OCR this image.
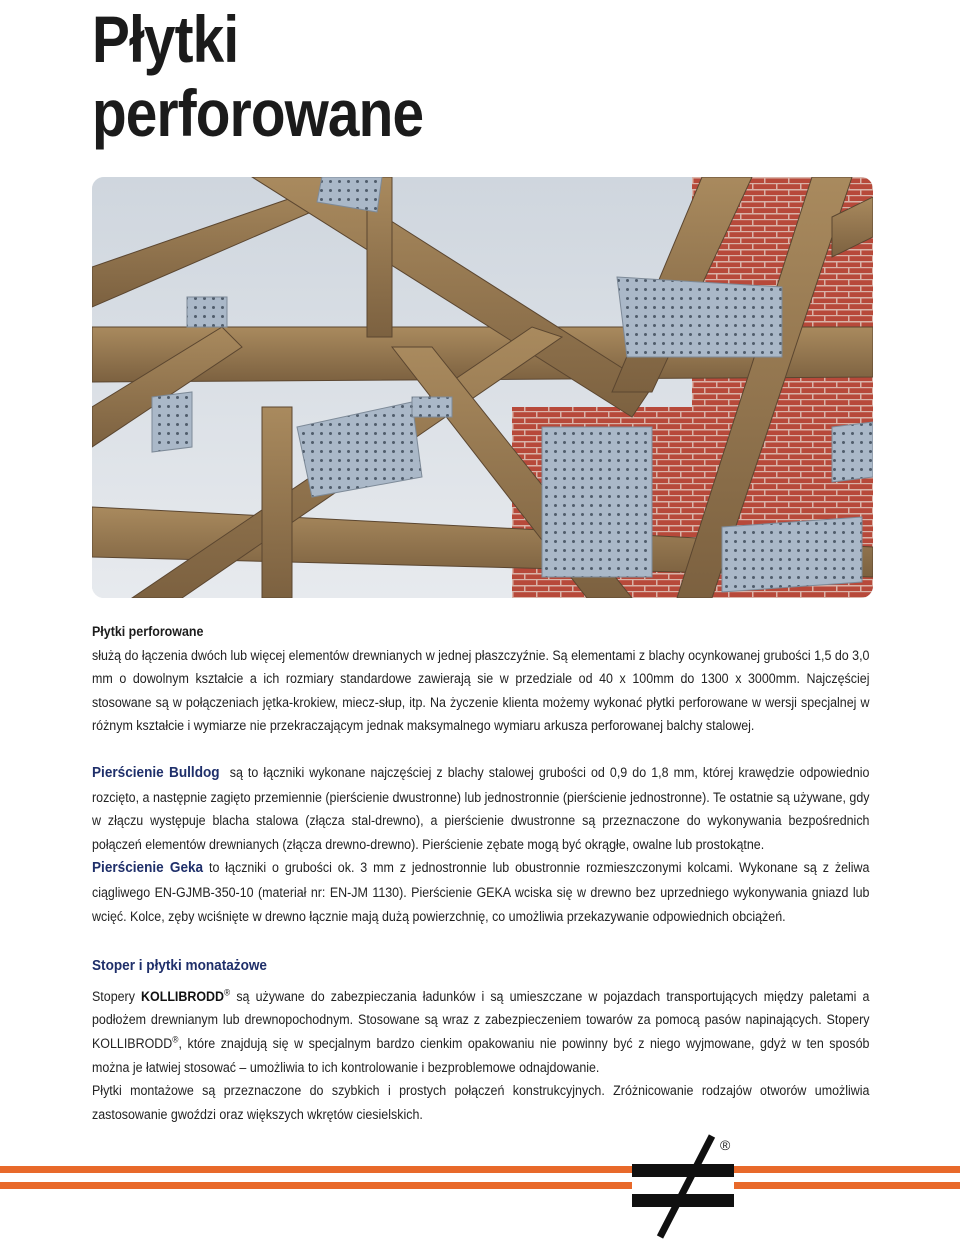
Płytki
perforowane

Płytki perforowane

służą do łączenia dwóch lub więcej elementów drewnianych w jednej płaszczyźnie. Są elementami z blachy ocynkowanej grubości 1,5 do 3,0 mm o dowolnym kształcie a ich rozmiary standardowe zawierają sie w przedziale od 40 x 100mm do 1300 x 3000mm. Najczęściej stosowane są w połączeniach jętka-krokiew, miecz-słup, itp. Na życzenie klienta możemy wykonać płytki perforowane w wersji specjalnej w różnym kształcie i wymiarze nie przekraczającym jednak maksymalnego wymiaru arkusza perforowanej balchy stalowej.

Pierścienie Bulldog są to łączniki wykonane najczęściej z blachy stalowej grubości od 0,9 do 1,8 mm, której krawędzie odpowiednio rozcięto, a następnie zagięto przemiennie (pierścienie dwustronne) lub jednostronnie (pierścienie jednostronne). Te ostatnie są używane, gdy w złączu występuje blacha stalowa (złącza stal-drewno), a pierścienie dwustronne są przeznaczone do wykonywania bezpośrednich połączeń elementów drewnianych (złącza drewno-drewno). Pierścienie zębate mogą być okrągłe, owalne lub prostokątne.

Pierścienie Geka to łączniki o grubości ok. 3 mm z jednostronnie lub obustronnie rozmieszczonymi kolcami. Wykonane są z żeliwa ciągliwego EN-GJMB-350-10 (materiał nr: EN-JM 1130). Pierścienie GEKA wciska się w drewno bez uprzedniego wykonywania gniazd lub wcięć. Kolce, zęby wciśnięte w drewno łącznie mają dużą powierzchnię, co umożliwia przekazywanie odpowiednich obciążeń.

Stoper i płytki monatażowe

Stopery KOLLIBRODD® są używane do zabezpieczania ładunków i są umieszczane w pojazdach transportujących między paletami a podłożem drewnianym lub drewnopochodnym. Stosowane są wraz z zabezpieczeniem towarów za pomocą pasów napinających. Stopery KOLLIBRODD®, które znajdują się w specjalnym bardzo cienkim opakowaniu nie powinny być z niego wyjmowane, gdyż w ten sposób można je łatwiej stosować – umożliwia to ich kontrolowanie i bezproblemowe odnajdowanie.

Płytki montażowe są przeznaczone do szybkich i prostych połączeń konstrukcyjnych. Zróżnicowanie rodzajów otworów umożliwia zastosowanie gwoździ oraz większych wkrętów ciesielskich.

®
